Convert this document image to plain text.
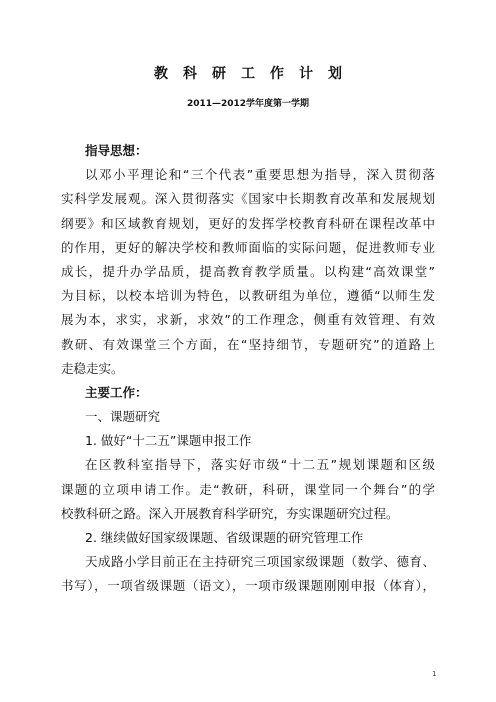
教科研工作计划
2011—2012学年度第一学期
指导思想：
以邓小平理论和“三个代表”重要思想为指导，深入贯彻落
实科学发展观。深入贯彻落实《国家中长期教育改革和发展规划
纲要》和区域教育规划，更好的发挥学校教育科研在课程改革中
的作用，更好的解决学校和教师面临的实际问题，促进教师专业
成长，提升办学品质，提高教育教学质量。以构建“高效课堂”
为目标，以校本培训为特色，以教研组为单位，遵循“以师生发
展为本，求实，求新，求效”的工作理念，侧重有效管理、有效
教研、有效课堂三个方面，在“坚持细节，专题研究”的道路上
走稳走实。
主要工作：
一、课题研究
1. 做好“十二五”课题申报工作
在区教科室指导下，落实好市级“十二五”规划课题和区级
课题的立项申请工作。走“教研，科研，课堂同一个舞台”的学
校教科研之路。深入开展教育科学研究，夯实课题研究过程。
2. 继续做好国家级课题、省级课题的研究管理工作
天成路小学目前正在主持研究三项国家级课题（数学、德育、
书写），一项省级课题（语文），一项市级课题刚刚申报（体育），
1
